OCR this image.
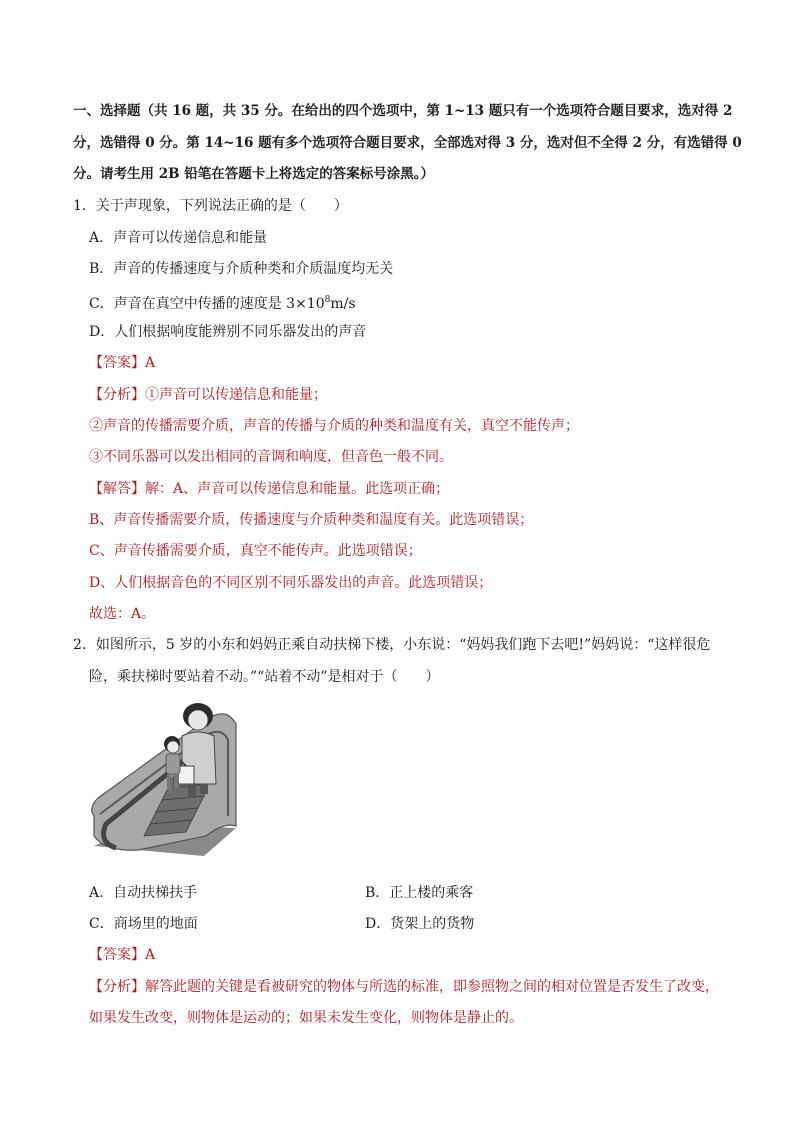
一、选择题（共 16 题，共 35 分。在给出的四个选项中，第 1~13 题只有一个选项符合题目要求，选对得 2
分，选错得 0 分。第 14~16 题有多个选项符合题目要求，全部选对得 3 分，选对但不全得 2 分，有选错得 0
分。请考生用 2B 铅笔在答题卡上将选定的答案标号涂黑。）
1．关于声现象，下列说法正确的是（　　）
A．声音可以传递信息和能量
B．声音的传播速度与介质种类和介质温度均无关
C．声音在真空中传播的速度是 $3\times 10^8m/s$
D．人们根据响度能辨别不同乐器发出的声音
【答案】A
【分析】①声音可以传递信息和能量；
②声音的传播需要介质，声音的传播与介质的种类和温度有关，真空不能传声；
③不同乐器可以发出相同的音调和响度，但音色一般不同。
【解答】解：A、声音可以传递信息和能量。此选项正确；
B、声音传播需要介质，传播速度与介质种类和温度有关。此选项错误；
C、声音传播需要介质，真空不能传声。此选项错误；
D、人们根据音色的不同区别不同乐器发出的声音。此选项错误；
故选：A。
2．如图所示，5 岁的小东和妈妈正乘自动扶梯下楼，小东说：“妈妈我们跑下去吧!”妈妈说：“这样很危
险，乘扶梯时要站着不动。”“站着不动”是相对于（　　）
A．自动扶梯扶手	B．正上楼的乘客
C．商场里的地面	D．货架上的货物
【答案】A
【分析】解答此题的关键是看被研究的物体与所选的标准，即参照物之间的相对位置是否发生了改变，
如果发生改变，则物体是运动的；如果未发生变化，则物体是静止的。
